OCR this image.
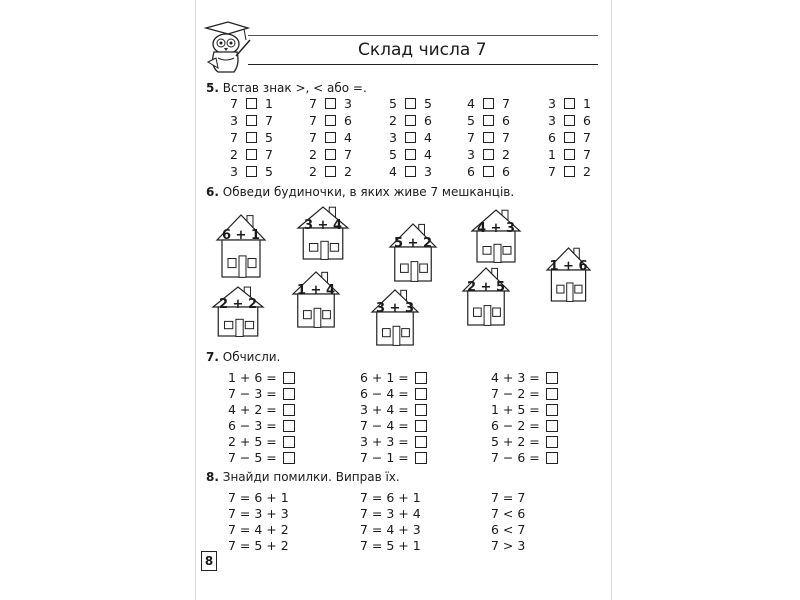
Склад числа 7
5. Встав знак >, < або =.
7 1
3 7
7 5
2 7
3 5
7 3
7 6
7 4
2 7
2 2
5 5
2 6
3 4
5 4
4 3
4 7
5 6
7 7
3 2
6 6
3 1
3 6
6 7
1 7
7 2
6. Обведи будиночки, в яких живе 7 мешканців.
6 + 1
3 + 4
5 + 2
4 + 3
1 + 6
2 + 2
1 + 4
3 + 3
2 + 5
7. Обчисли.
1 + 6 =
7 − 3 =
4 + 2 =
6 − 3 =
2 + 5 =
7 − 5 =
6 + 1 =
6 − 4 =
3 + 4 =
7 − 4 =
3 + 3 =
7 − 1 =
4 + 3 =
7 − 2 =
1 + 5 =
6 − 2 =
5 + 2 =
7 − 6 =
8. Знайди помилки. Виправ їх.
7 = 6 + 1
7 = 3 + 3
7 = 4 + 2
7 = 5 + 2
7 = 6 + 1
7 = 3 + 4
7 = 4 + 3
7 = 5 + 1
7 = 7
7 < 6
6 < 7
7 > 3
8
